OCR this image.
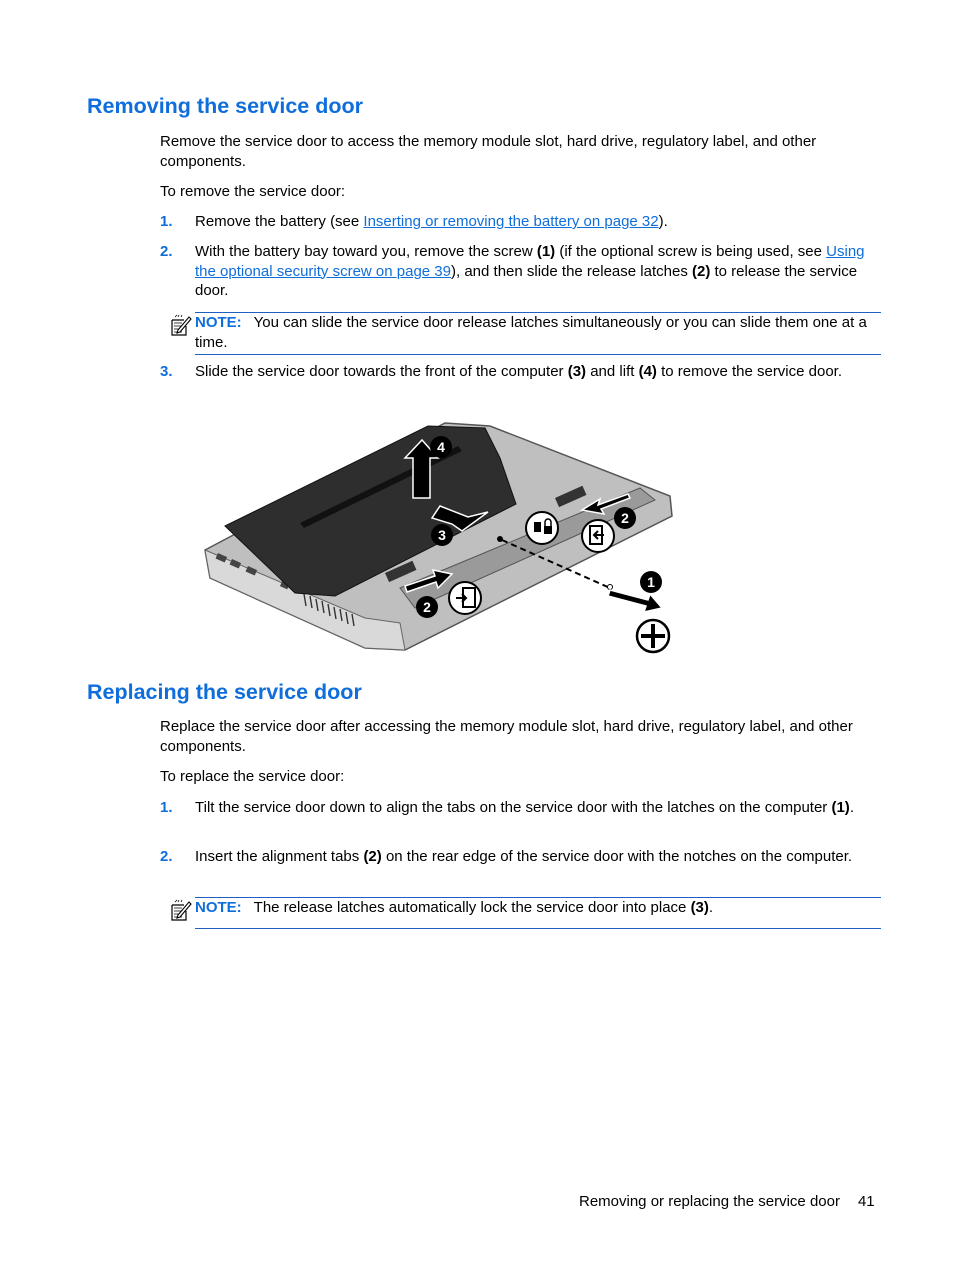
Removing the service door

Remove the service door to access the memory module slot, hard drive, regulatory label, and other components.

To remove the service door:

1. Remove the battery (see Inserting or removing the battery on page 32).
2. With the battery bay toward you, remove the screw (1) (if the optional screw is being used, see Using the optional security screw on page 39), and then slide the release latches (2) to release the service door.
NOTE: You can slide the service door release latches simultaneously or you can slide them one at a time.
3. Slide the service door towards the front of the computer (3) and lift (4) to remove the service door.
4
3
2
2
1
Replacing the service door

Replace the service door after accessing the memory module slot, hard drive, regulatory label, and other components.

To replace the service door:

1. Tilt the service door down to align the tabs on the service door with the latches on the computer (1).
2. Insert the alignment tabs (2) on the rear edge of the service door with the notches on the computer.
NOTE: The release latches automatically lock the service door into place (3).
Removing or replacing the service door 41
